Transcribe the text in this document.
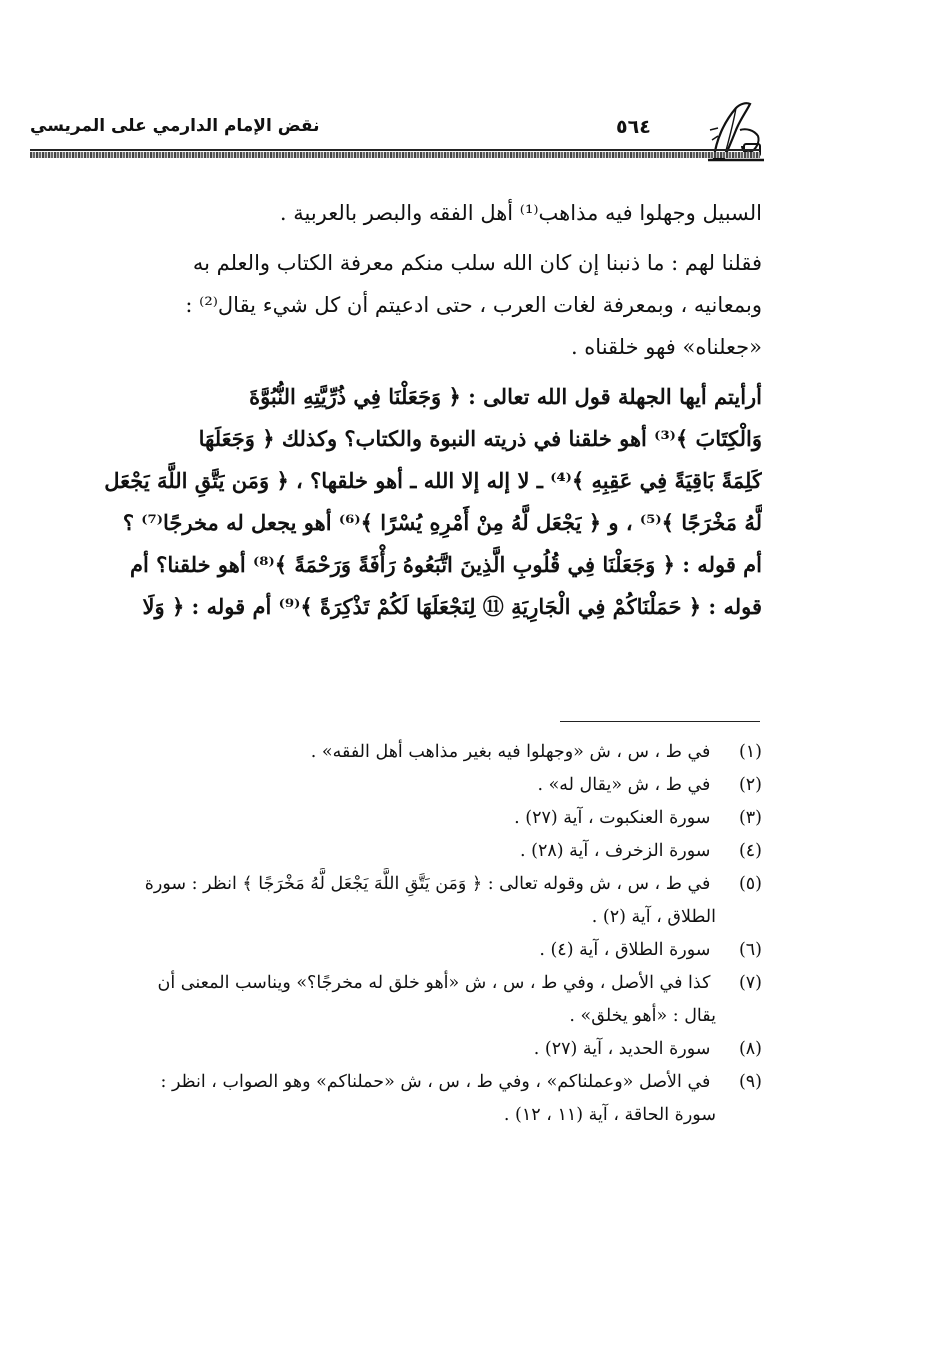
نقض الإمام الدارمي على المريسي	٥٦٤
السبيل وجهلوا فيه مذاهب⁽¹⁾ أهل الفقه والبصر بالعربية .
فقلنا لهم : ما ذنبنا إن كان الله سلب منكم معرفة الكتاب والعلم به
وبمعانيه ، وبمعرفة لغات العرب ، حتى ادعيتم أن كل شيء يقال⁽²⁾ :
«جعلناه» فهو خلقناه .
أرأيتم أيها الجهلة قول الله تعالى : ﴿ وَجَعَلْنَا فِي ذُرِّيَّتِهِ النُّبُوَّةَ
وَالْكِتَابَ ﴾⁽³⁾ أهو خلقنا في ذريته النبوة والكتاب؟ وكذلك ﴿ وَجَعَلَهَا
كَلِمَةً بَاقِيَةً فِي عَقِبِهِ ﴾⁽⁴⁾ ـ لا إله إلا الله ـ أهو خلقها؟ ، ﴿ وَمَن يَتَّقِ اللَّهَ يَجْعَل
لَّهُ مَخْرَجًا ﴾⁽⁵⁾ ، و ﴿ يَجْعَل لَّهُ مِنْ أَمْرِهِ يُسْرًا ﴾⁽⁶⁾ أهو يجعل له مخرجًا⁽⁷⁾ ؟
أم قوله : ﴿ وَجَعَلْنَا فِي قُلُوبِ الَّذِينَ اتَّبَعُوهُ رَأْفَةً وَرَحْمَةً ﴾⁽⁸⁾ أهو خلقنا؟ أم
قوله : ﴿ حَمَلْنَاكُمْ فِي الْجَارِيَةِ ⑪ لِنَجْعَلَهَا لَكُمْ تَذْكِرَةً ﴾⁽⁹⁾ أم قوله : ﴿ وَلَا
(١) في ط ، س ، ش «وجهلوا فيه بغير مذاهب أهل الفقه» .
(٢) في ط ، ش «يقال له» .
(٣) سورة العنكبوت ، آية (٢٧) .
(٤) سورة الزخرف ، آية (٢٨) .
(٥) في ط ، س ، ش وقوله تعالى : ﴿ وَمَن يَتَّقِ اللَّهَ يَجْعَل لَّهُ مَخْرَجًا ﴾ انظر : سورة
الطلاق ، آية (٢) .
(٦) سورة الطلاق ، آية (٤) .
(٧) كذا في الأصل ، وفي ط ، س ، ش «أهو خلق له مخرجًا؟» ويناسب المعنى أن
يقال : «أهو يخلق» .
(٨) سورة الحديد ، آية (٢٧) .
(٩) في الأصل «وعملناكم» ، وفي ط ، س ، ش «حملناكم» وهو الصواب ، انظر :
سورة الحاقة ، آية (١١ ، ١٢) .
